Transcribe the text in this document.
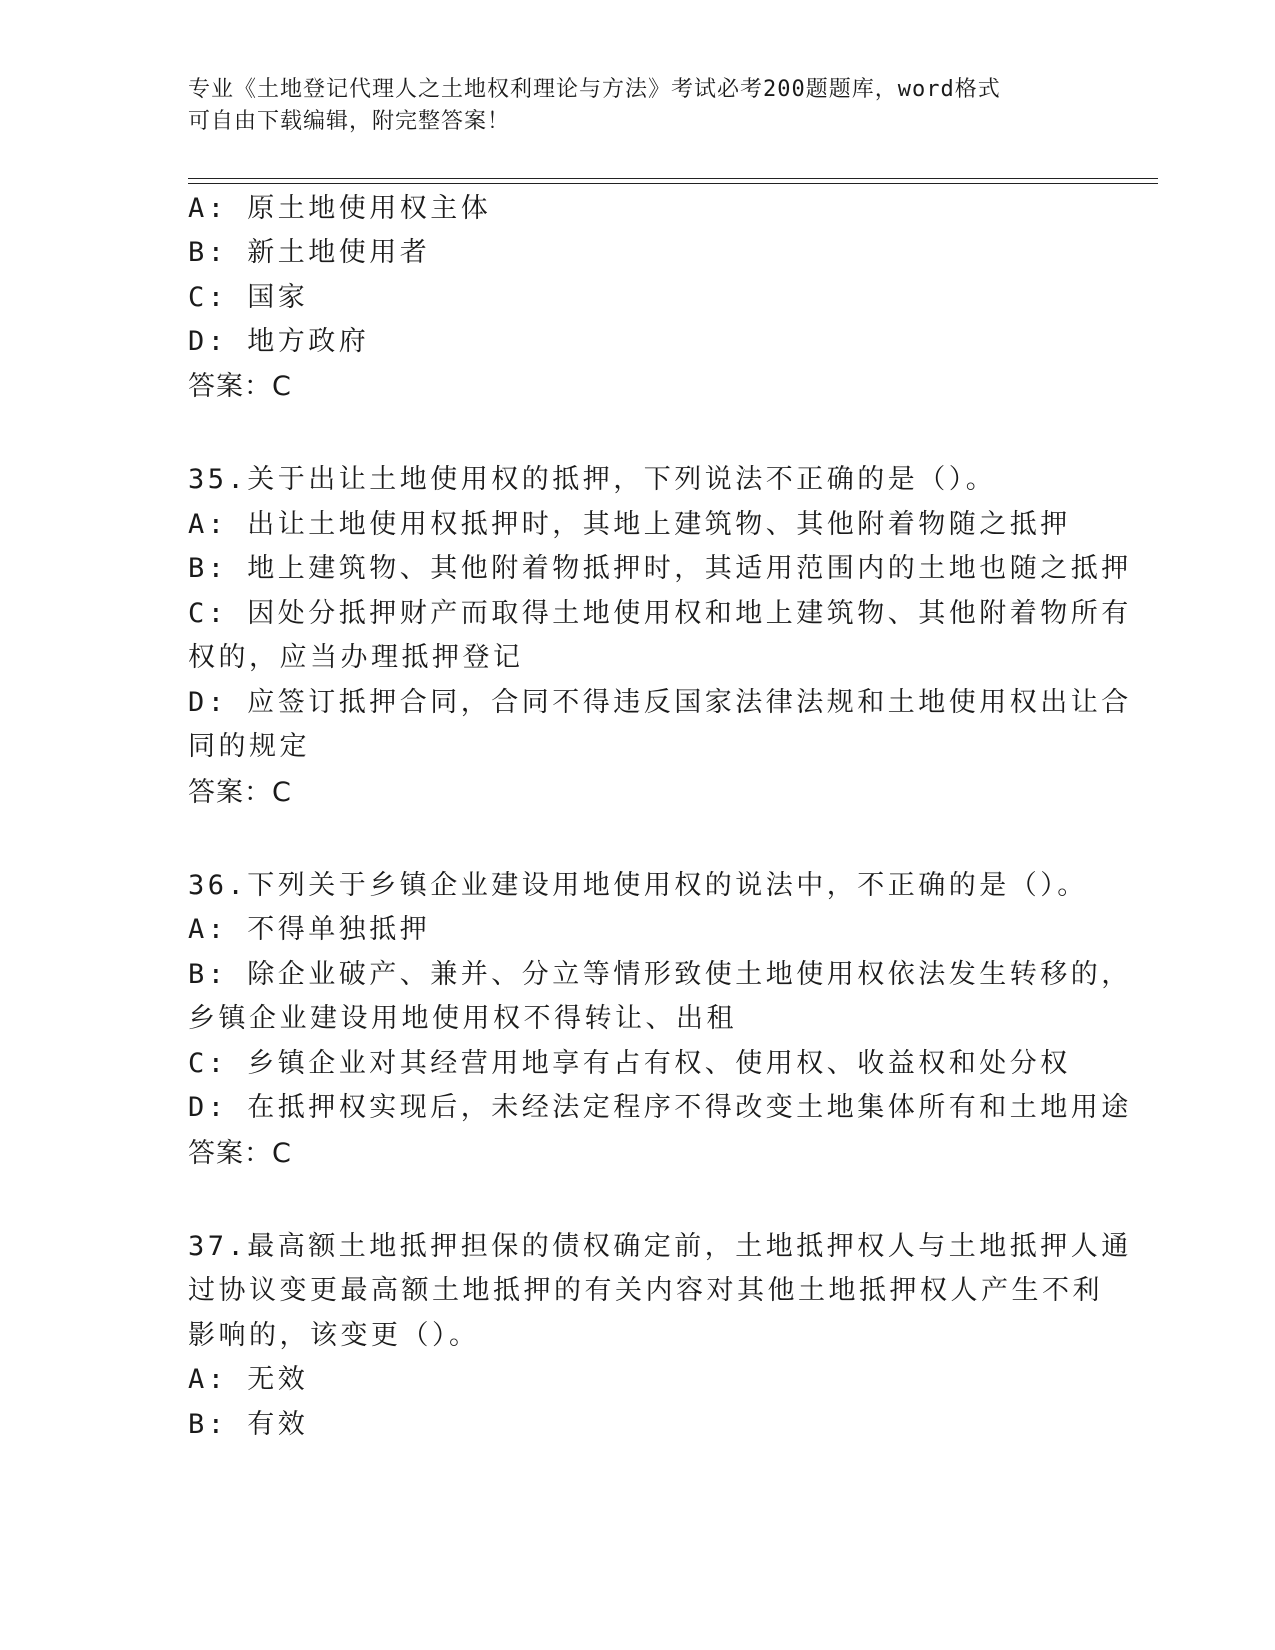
专业《土地登记代理人之土地权利理论与方法》考试必考200题题库，word格式
可自由下载编辑，附完整答案！
A: 原土地使用权主体
B: 新土地使用者
C: 国家
D: 地方政府
答案：C
35.关于出让土地使用权的抵押，下列说法不正确的是（）。
A: 出让土地使用权抵押时，其地上建筑物、其他附着物随之抵押
B: 地上建筑物、其他附着物抵押时，其适用范围内的土地也随之抵押
C: 因处分抵押财产而取得土地使用权和地上建筑物、其他附着物所有
权的，应当办理抵押登记
D: 应签订抵押合同，合同不得违反国家法律法规和土地使用权出让合
同的规定
答案：C
36.下列关于乡镇企业建设用地使用权的说法中，不正确的是（）。
A: 不得单独抵押
B: 除企业破产、兼并、分立等情形致使土地使用权依法发生转移的，
乡镇企业建设用地使用权不得转让、出租
C: 乡镇企业对其经营用地享有占有权、使用权、收益权和处分权
D: 在抵押权实现后，未经法定程序不得改变土地集体所有和土地用途
答案：C
37.最高额土地抵押担保的债权确定前，土地抵押权人与土地抵押人通
过协议变更最高额土地抵押的有关内容对其他土地抵押权人产生不利
影响的，该变更（）。
A: 无效
B: 有效
